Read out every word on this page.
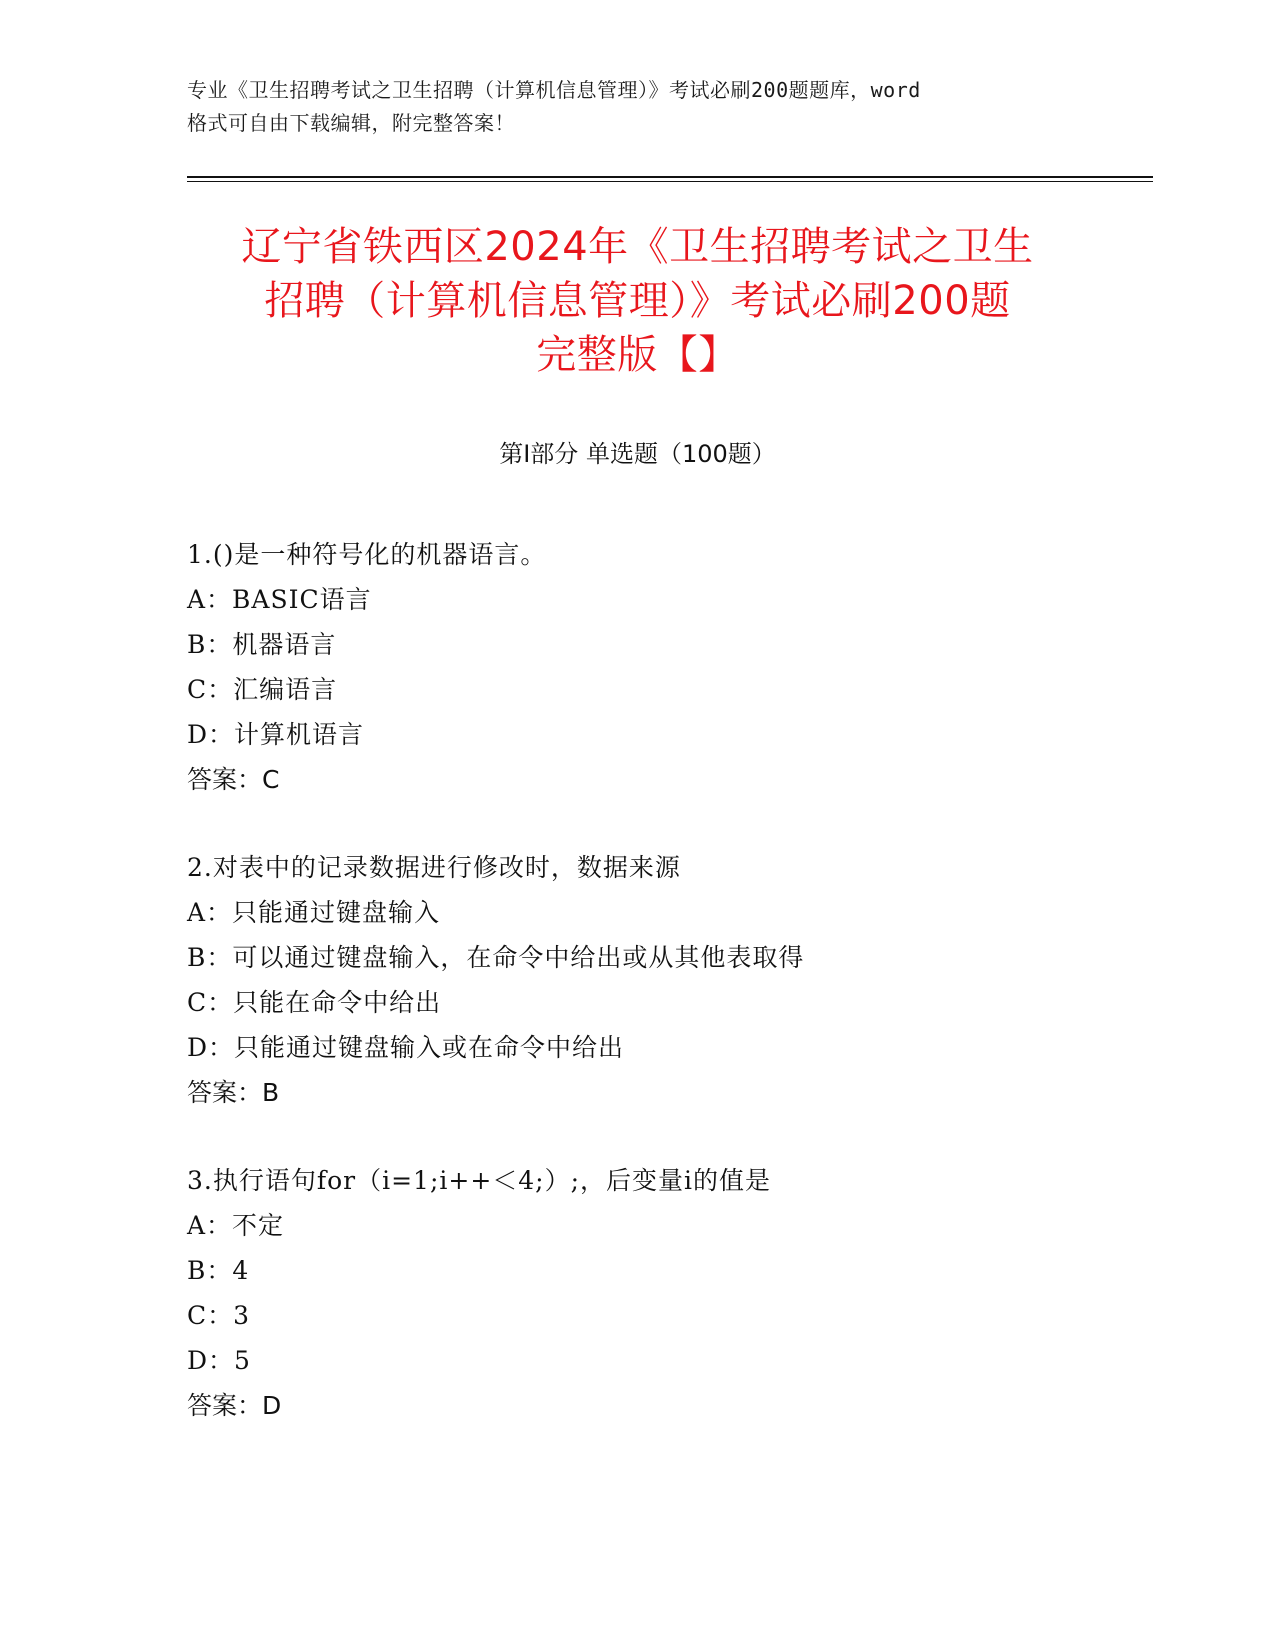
专业《卫生招聘考试之卫生招聘（计算机信息管理）》考试必刷200题题库，word
格式可自由下载编辑，附完整答案！
辽宁省铁西区2024年《卫生招聘考试之卫生
招聘（计算机信息管理）》考试必刷200题
完整版【】
第Ⅰ部分 单选题（100题）
1.()是一种符号化的机器语言。
A：BASIC语言
B：机器语言
C：汇编语言
D：计算机语言
答案：C
2.对表中的记录数据进行修改时，数据来源
A：只能通过键盘输入
B：可以通过键盘输入，在命令中给出或从其他表取得
C：只能在命令中给出
D：只能通过键盘输入或在命令中给出
答案：B
3.执行语句for（i=1;i++＜4;）;，后变量i的值是
A：不定
B：4
C：3
D：5
答案：D
